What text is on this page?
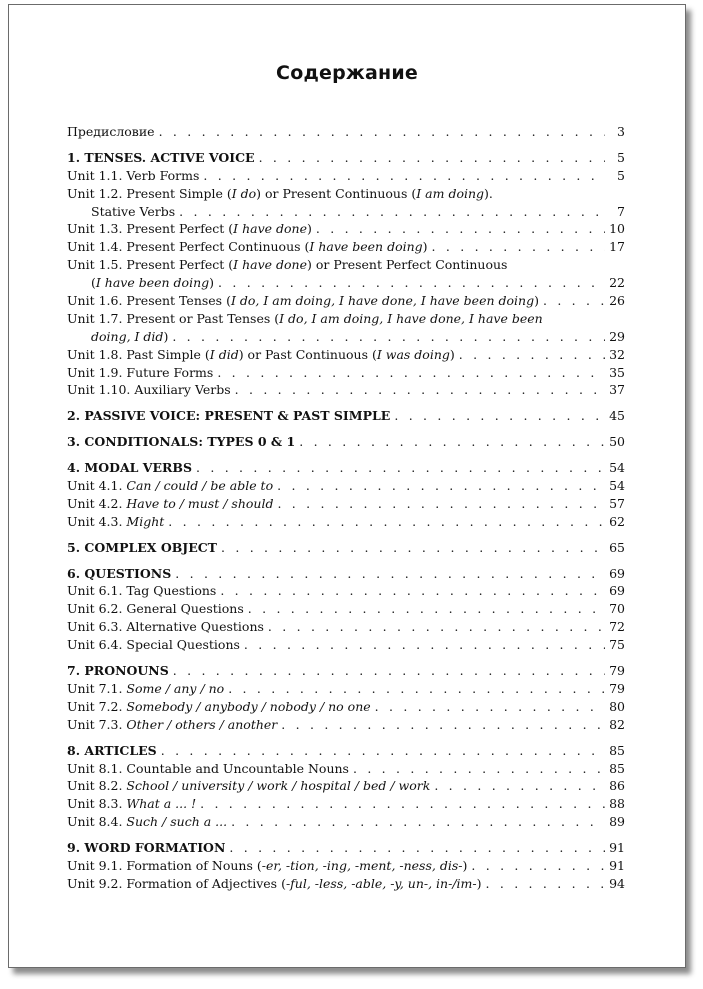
Содержание
Предисловие . . .	3
1. TENSES. ACTIVE VOICE . . .	5
Unit 1.1. Verb Forms . . .	5
Unit 1.2. Present Simple (I do) or Present Continuous (I am doing).
Stative Verbs . . .	7
Unit 1.3. Present Perfect (I have done) . . .	10
Unit 1.4. Present Perfect Continuous (I have been doing) . . .	17
Unit 1.5. Present Perfect (I have done) or Present Perfect Continuous
(I have been doing) . . .	22
Unit 1.6. Present Tenses (I do, I am doing, I have done, I have been doing) . . .	26
Unit 1.7. Present or Past Tenses (I do, I am doing, I have done, I have been
doing, I did) . . .	29
Unit 1.8. Past Simple (I did) or Past Continuous (I was doing) . . .	32
Unit 1.9. Future Forms . . .	35
Unit 1.10. Auxiliary Verbs . . .	37
2. PASSIVE VOICE: PRESENT & PAST SIMPLE . . .	45
3. CONDITIONALS: TYPES 0 & 1 . . .	50
4. MODAL VERBS . . .	54
Unit 4.1. Can / could / be able to . . .	54
Unit 4.2. Have to / must / should . . .	57
Unit 4.3. Might . . .	62
5. COMPLEX OBJECT . . .	65
6. QUESTIONS . . .	69
Unit 6.1. Tag Questions . . .	69
Unit 6.2. General Questions . . .	70
Unit 6.3. Alternative Questions . . .	72
Unit 6.4. Special Questions . . .	75
7. PRONOUNS . . .	79
Unit 7.1. Some / any / no . . .	79
Unit 7.2. Somebody / anybody / nobody / no one . . .	80
Unit 7.3. Other / others / another . . .	82
8. ARTICLES . . .	85
Unit 8.1. Countable and Uncountable Nouns . . .	85
Unit 8.2. School / university / work / hospital / bed / work . . .	86
Unit 8.3. What a ... ! . . .	88
Unit 8.4. Such / such a ... . . .	89
9. WORD FORMATION . . .	91
Unit 9.1. Formation of Nouns (-er, -tion, -ing, -ment, -ness, dis-) . . .	91
Unit 9.2. Formation of Adjectives (-ful, -less, -able, -y, un-, in-/im-) . . .	94
